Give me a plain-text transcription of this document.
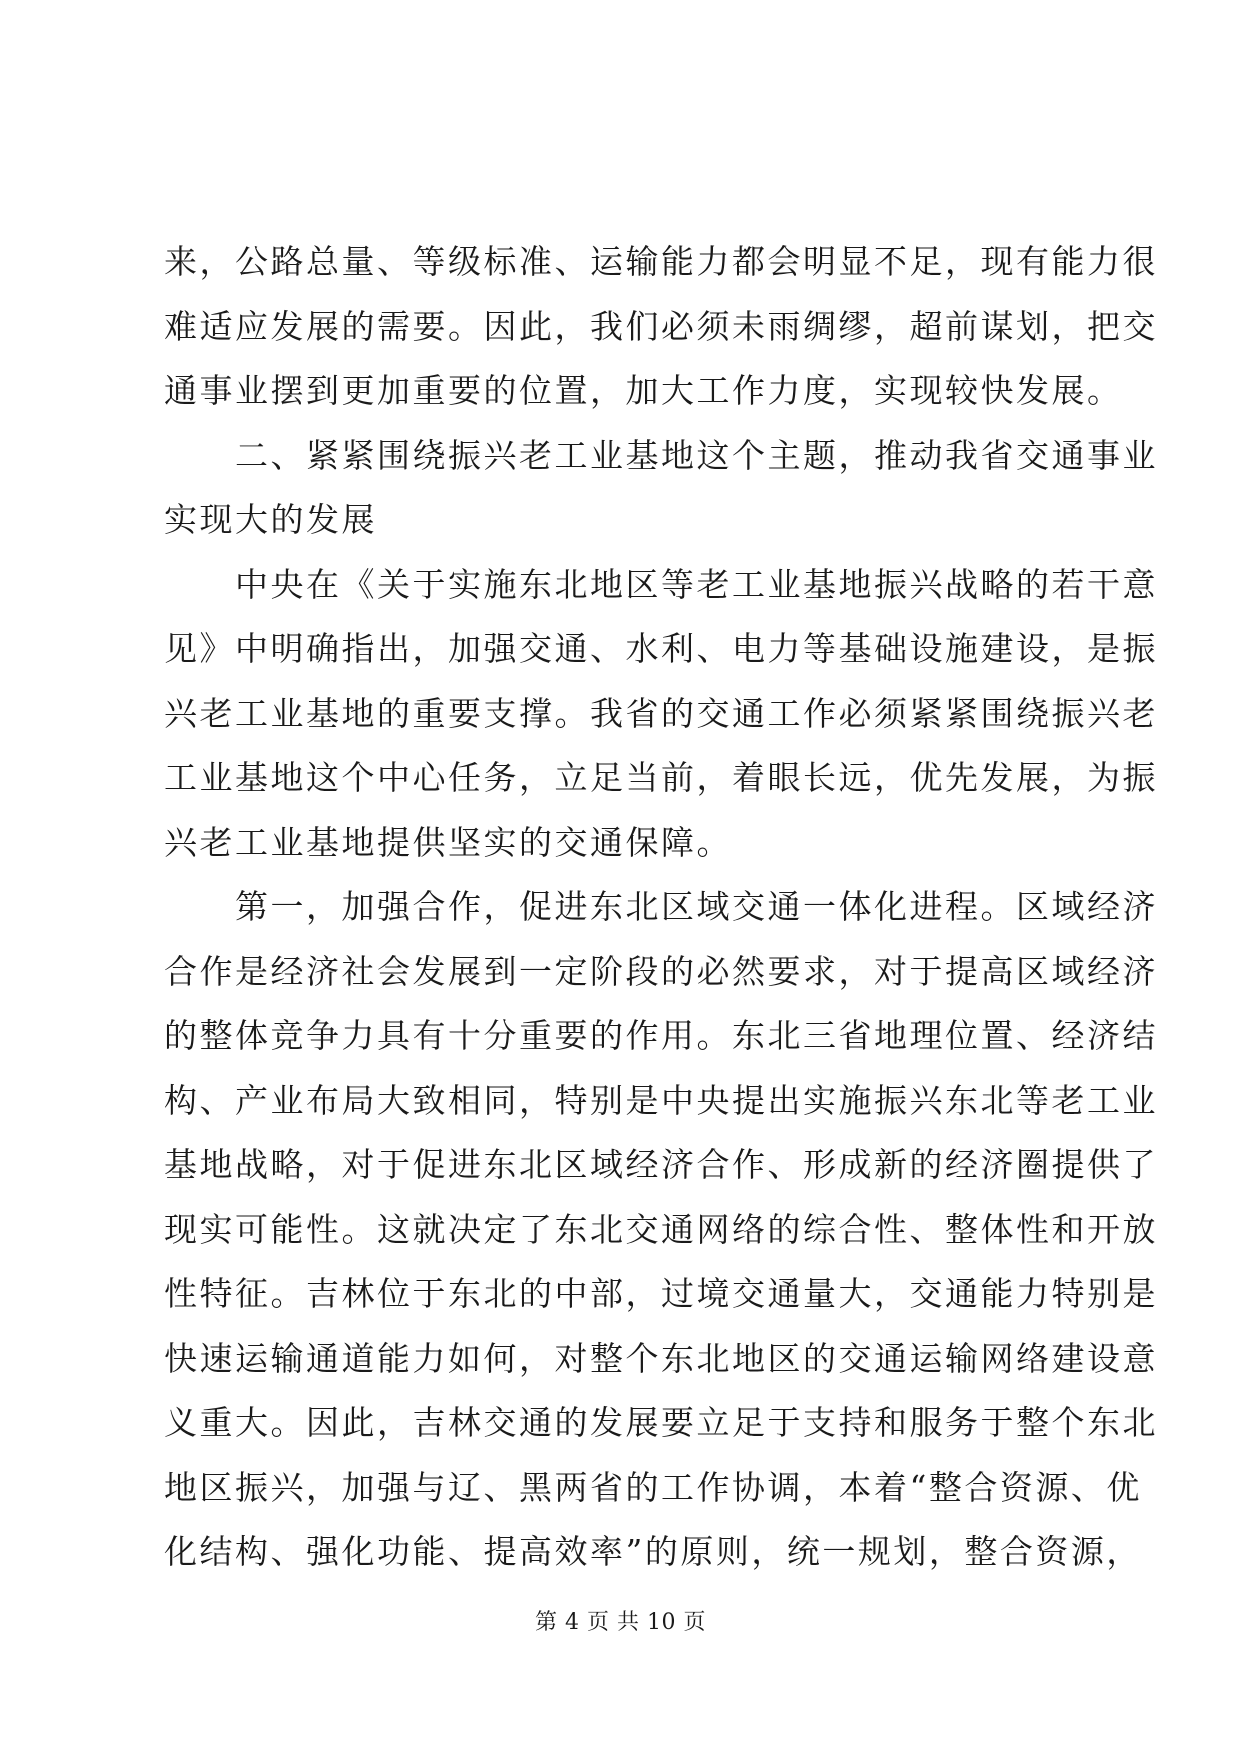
来，公路总量、等级标准、运输能力都会明显不足，现有能力很
难适应发展的需要。因此，我们必须未雨绸缪，超前谋划，把交
通事业摆到更加重要的位置，加大工作力度，实现较快发展。
　　二、紧紧围绕振兴老工业基地这个主题，推动我省交通事业
实现大的发展
　　中央在《关于实施东北地区等老工业基地振兴战略的若干意
见》中明确指出，加强交通、水利、电力等基础设施建设，是振
兴老工业基地的重要支撑。我省的交通工作必须紧紧围绕振兴老
工业基地这个中心任务，立足当前，着眼长远，优先发展，为振
兴老工业基地提供坚实的交通保障。
　　第一，加强合作，促进东北区域交通一体化进程。区域经济
合作是经济社会发展到一定阶段的必然要求，对于提高区域经济
的整体竞争力具有十分重要的作用。东北三省地理位置、经济结
构、产业布局大致相同，特别是中央提出实施振兴东北等老工业
基地战略，对于促进东北区域经济合作、形成新的经济圈提供了
现实可能性。这就决定了东北交通网络的综合性、整体性和开放
性特征。吉林位于东北的中部，过境交通量大，交通能力特别是
快速运输通道能力如何，对整个东北地区的交通运输网络建设意
义重大。因此，吉林交通的发展要立足于支持和服务于整个东北
地区振兴，加强与辽、黑两省的工作协调，本着“整合资源、优
化结构、强化功能、提高效率”的原则，统一规划，整合资源，
第 4 页 共 10 页
